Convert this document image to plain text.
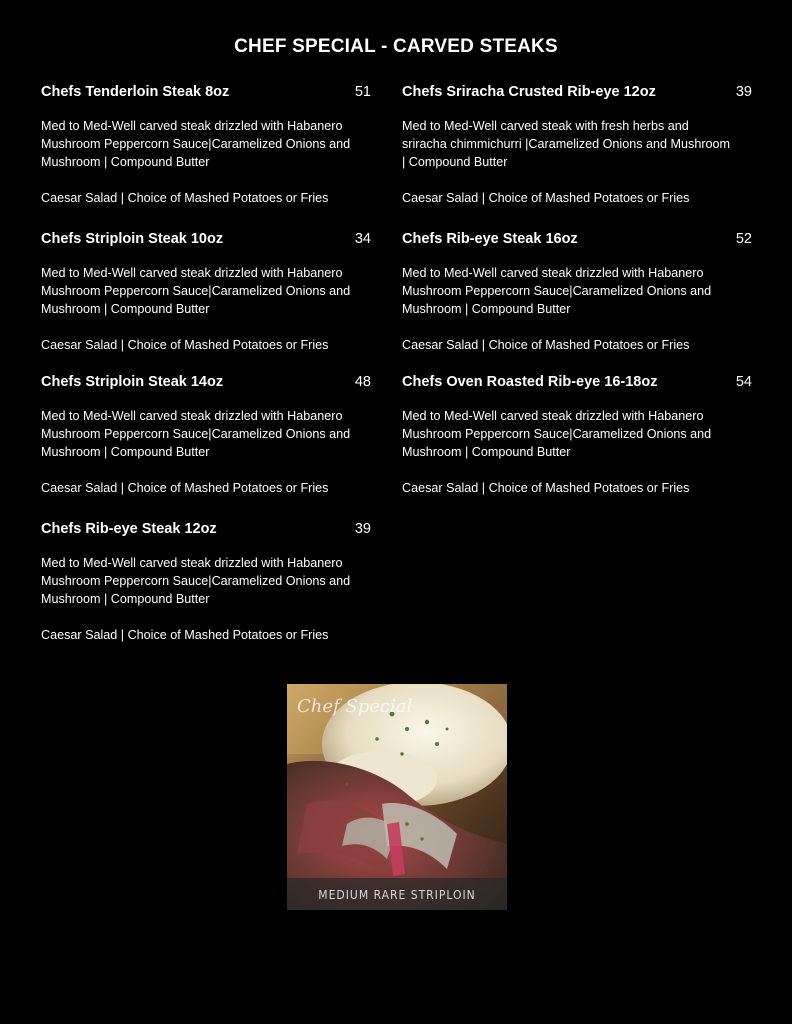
CHEF SPECIAL - CARVED STEAKS
Chefs Tenderloin Steak 8oz	51
Med to Med-Well carved steak drizzled with Habanero Mushroom Peppercorn Sauce|Caramelized Onions and Mushroom | Compound Butter
Caesar Salad | Choice of Mashed Potatoes or Fries
Chefs Striploin Steak 10oz	34
Med to Med-Well carved steak drizzled with Habanero Mushroom Peppercorn Sauce|Caramelized Onions and Mushroom | Compound Butter
Caesar Salad | Choice of Mashed Potatoes or Fries
Chefs Striploin Steak 14oz	48
Med to Med-Well carved steak drizzled with Habanero Mushroom Peppercorn Sauce|Caramelized Onions and Mushroom | Compound Butter
Caesar Salad | Choice of Mashed Potatoes or Fries
Chefs Rib-eye Steak 12oz	39
Med to Med-Well carved steak drizzled with Habanero Mushroom Peppercorn Sauce|Caramelized Onions and Mushroom | Compound Butter
Caesar Salad | Choice of Mashed Potatoes or Fries
Chefs Sriracha Crusted Rib-eye 12oz	39
Med to Med-Well carved steak with fresh herbs and sriracha chimmichurri |Caramelized Onions and Mushroom | Compound Butter
Caesar Salad | Choice of Mashed Potatoes or Fries
Chefs Rib-eye Steak 16oz	52
Med to Med-Well carved steak drizzled with Habanero Mushroom Peppercorn Sauce|Caramelized Onions and Mushroom | Compound Butter
Caesar Salad | Choice of Mashed Potatoes or Fries
Chefs Oven Roasted Rib-eye 16-18oz	54
Med to Med-Well carved steak drizzled with Habanero Mushroom Peppercorn Sauce|Caramelized Onions and Mushroom | Compound Butter
Caesar Salad | Choice of Mashed Potatoes or Fries
Chef Special
MEDIUM RARE STRIPLOIN
